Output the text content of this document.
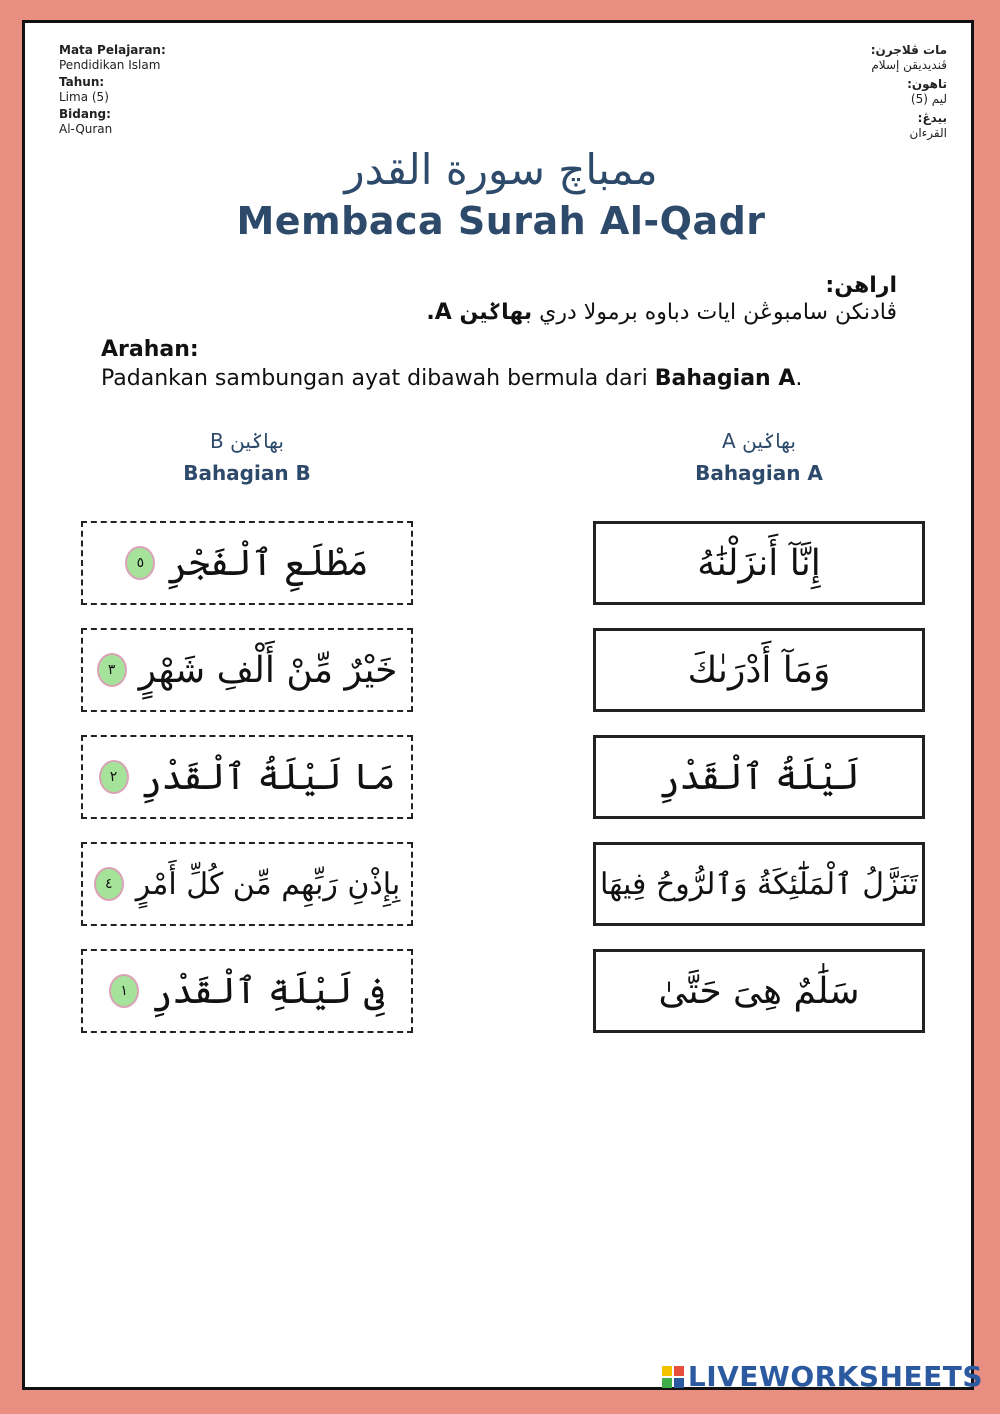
Mata Pelajaran:
Pendidikan Islam
Tahun:
Lima (5)
Bidang:
Al-Quran
مات ڤلاجرن:
ڤنديديقن إسلام
تاهون:
ليم (5)
بيدڠ:
القرءان
ممباچ سورة القدر
Membaca Surah Al-Qadr
اراهن:
ڤادنكن سامبوڠن ايات دباوه برمولا دري بهاݢين A.
Arahan:
Padankan sambungan ayat dibawah bermula dari Bahagian A.
بهاݢين B
Bahagian B
بهاݢين A
Bahagian A
مَطْلَعِ ٱلْفَجْرِ
٥
خَيْرٌ مِّنْ أَلْفِ شَهْرٍ
٣
مَا لَيْلَةُ ٱلْقَدْرِ
٢
بِإِذْنِ رَبِّهِم مِّن كُلِّ أَمْرٍ
٤
فِى لَيْلَةِ ٱلْقَدْرِ
١
إِنَّآ أَنزَلْنَٰهُ
وَمَآ أَدْرَىٰكَ
لَيْلَةُ ٱلْقَدْرِ
تَنَزَّلُ ٱلْمَلَٰٓئِكَةُ وَٱلرُّوحُ فِيهَا
سَلَٰمٌ هِىَ حَتَّىٰ
LIVEWORKSHEETS
